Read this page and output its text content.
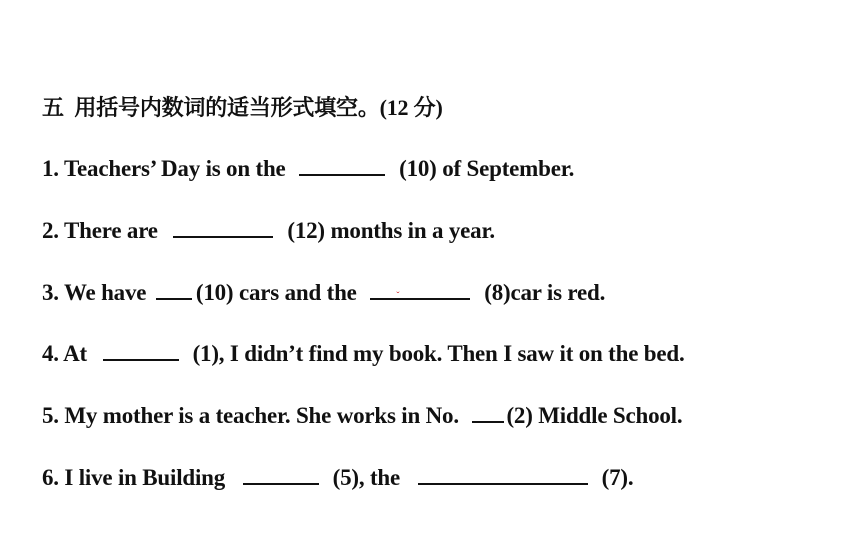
五 用括号内数词的适当形式填空。(12 分)
1. Teachers’ Day is on the	(10) of September.
2. There are	(12) months in a year.
3. We have (10) cars and the	ˇ	(8)car is red.
4. At	(1), I didn’t find my book. Then I saw it on the bed.
5. My mother is a teacher. She works in No. (2) Middle School.
6. I live in Building	(5), the	(7).
